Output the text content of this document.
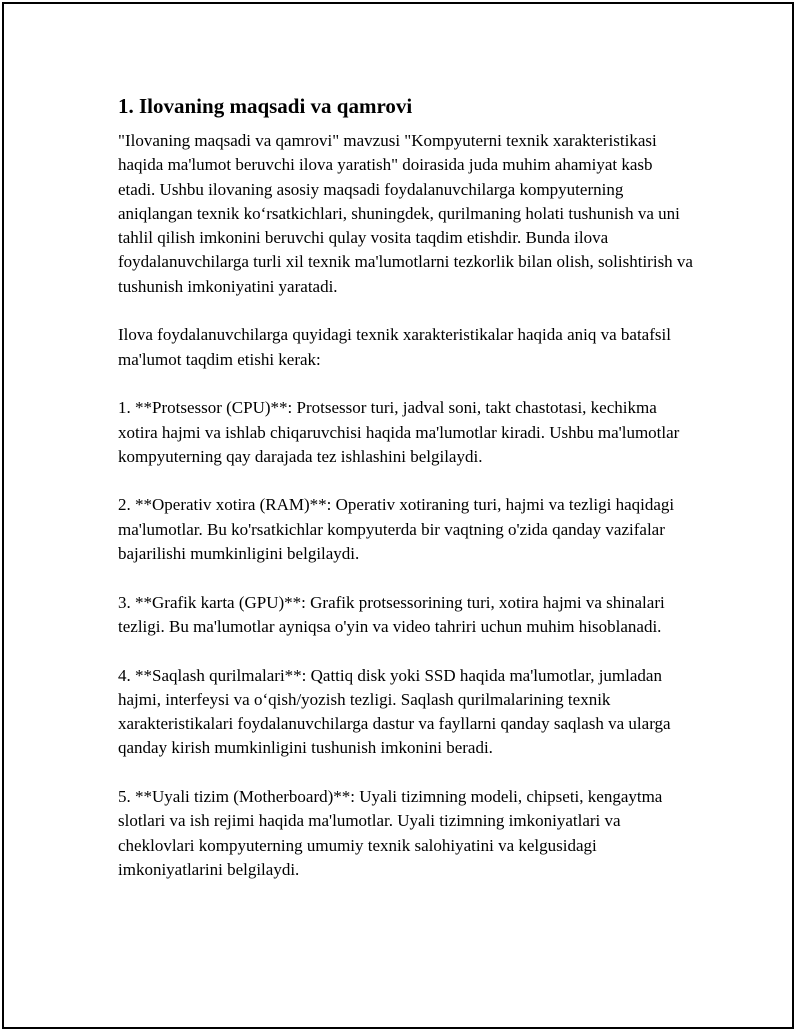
1. Ilovaning maqsadi va qamrovi

"Ilovaning maqsadi va qamrovi" mavzusi "Kompyuterni texnik xarakteristikasi haqida ma'lumot beruvchi ilova yaratish" doirasida juda muhim ahamiyat kasb etadi. Ushbu ilovaning asosiy maqsadi foydalanuvchilarga kompyuterning aniqlangan texnik ko‘rsatkichlari, shuningdek, qurilmaning holati tushunish va uni tahlil qilish imkonini beruvchi qulay vosita taqdim etishdir. Bunda ilova foydalanuvchilarga turli xil texnik ma'lumotlarni tezkorlik bilan olish, solishtirish va tushunish imkoniyatini yaratadi.

Ilova foydalanuvchilarga quyidagi texnik xarakteristikalar haqida aniq va batafsil ma'lumot taqdim etishi kerak:

1. **Protsessor (CPU)**: Protsessor turi, jadval soni, takt chastotasi, kechikma xotira hajmi va ishlab chiqaruvchisi haqida ma'lumotlar kiradi. Ushbu ma'lumotlar kompyuterning qay darajada tez ishlashini belgilaydi.

2. **Operativ xotira (RAM)**: Operativ xotiraning turi, hajmi va tezligi haqidagi ma'lumotlar. Bu ko'rsatkichlar kompyuterda bir vaqtning o'zida qanday vazifalar bajarilishi mumkinligini belgilaydi.

3. **Grafik karta (GPU)**: Grafik protsessorining turi, xotira hajmi va shinalari tezligi. Bu ma'lumotlar ayniqsa o'yin va video tahriri uchun muhim hisoblanadi.

4. **Saqlash qurilmalari**: Qattiq disk yoki SSD haqida ma'lumotlar, jumladan hajmi, interfeysi va o‘qish/yozish tezligi. Saqlash qurilmalarining texnik xarakteristikalari foydalanuvchilarga dastur va fayllarni qanday saqlash va ularga qanday kirish mumkinligini tushunish imkonini beradi.

5. **Uyali tizim (Motherboard)**: Uyali tizimning modeli, chipseti, kengaytma slotlari va ish rejimi haqida ma'lumotlar. Uyali tizimning imkoniyatlari va cheklovlari kompyuterning umumiy texnik salohiyatini va kelgusidagi imkoniyatlarini belgilaydi.
